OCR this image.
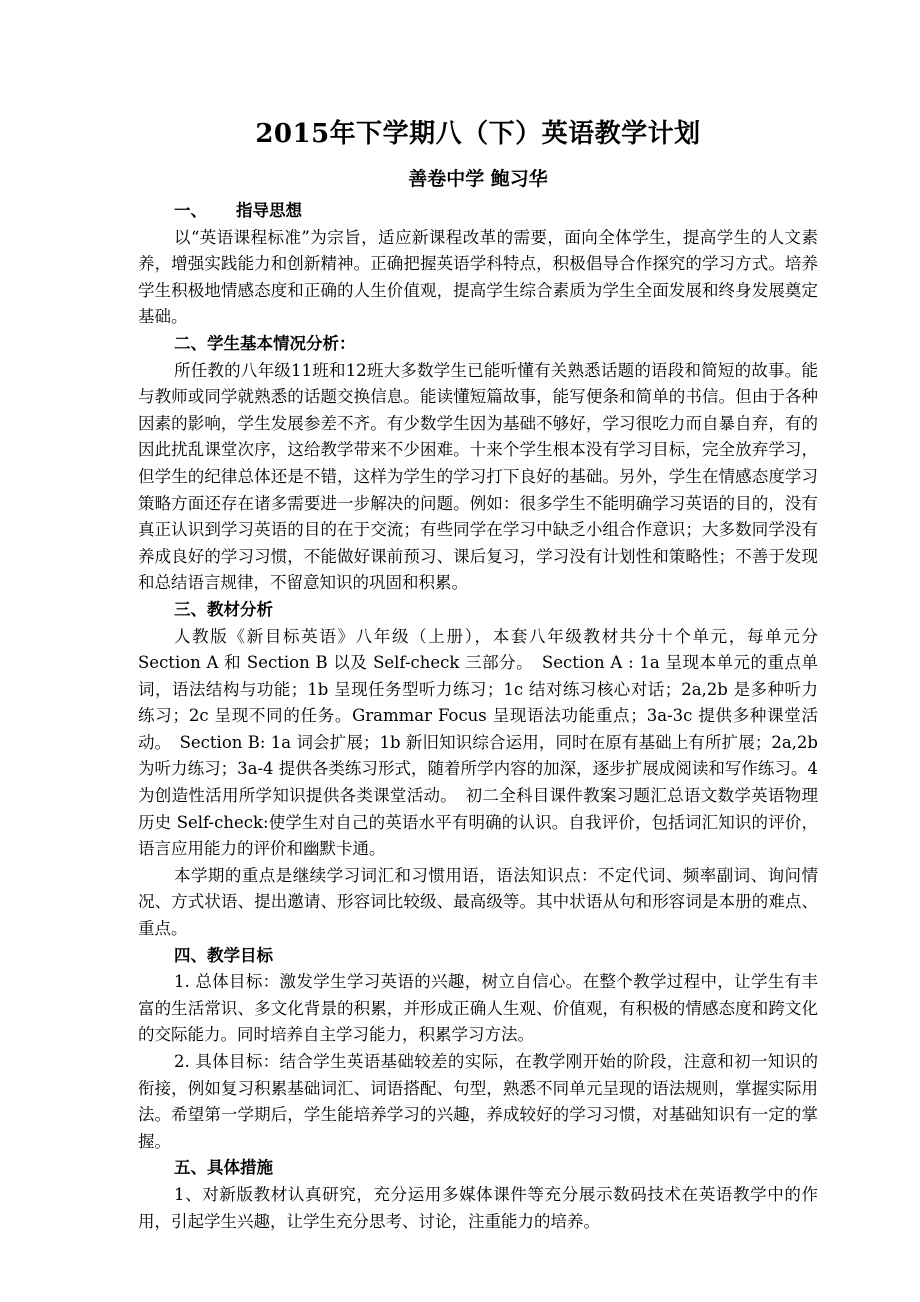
2015年下学期八（下）英语教学计划
善卷中学 鲍习华
一、 指导思想

以“英语课程标准”为宗旨，适应新课程改革的需要，面向全体学生，提高学生的人文素养，增强实践能力和创新精神。正确把握英语学科特点，积极倡导合作探究的学习方式。培养学生积极地情感态度和正确的人生价值观，提高学生综合素质为学生全面发展和终身发展奠定基础。

二、学生基本情况分析：

所任教的八年级11班和12班大多数学生已能听懂有关熟悉话题的语段和简短的故事。能与教师或同学就熟悉的话题交换信息。能读懂短篇故事，能写便条和简单的书信。但由于各种因素的影响，学生发展参差不齐。有少数学生因为基础不够好，学习很吃力而自暴自弃，有的因此扰乱课堂次序，这给教学带来不少困难。十来个学生根本没有学习目标，完全放弃学习，但学生的纪律总体还是不错，这样为学生的学习打下良好的基础。另外，学生在情感态度学习策略方面还存在诸多需要进一步解决的问题。例如：很多学生不能明确学习英语的目的，没有真正认识到学习英语的目的在于交流；有些同学在学习中缺乏小组合作意识；大多数同学没有养成良好的学习习惯，不能做好课前预习、课后复习，学习没有计划性和策略性；不善于发现和总结语言规律，不留意知识的巩固和积累。

三、教材分析

人教版《新目标英语》八年级（上册），本套八年级教材共分十个单元，每单元分 Section A 和 Section B 以及 Self-check 三部分。　Section A : 1a 呈现本单元的重点单词，语法结构与功能；1b 呈现任务型听力练习；1c 结对练习核心对话；2a,2b 是多种听力练习；2c 呈现不同的任务。Grammar Focus 呈现语法功能重点；3a-3c 提供多种课堂活动。　Section B: 1a 词会扩展；1b 新旧知识综合运用，同时在原有基础上有所扩展；2a,2b 为听力练习；3a-4 提供各类练习形式，随着所学内容的加深，逐步扩展成阅读和写作练习。4 为创造性活用所学知识提供各类课堂活动。　初二全科目课件教案习题汇总语文数学英语物理历史 Self-check:使学生对自己的英语水平有明确的认识。自我评价，包括词汇知识的评价，语言应用能力的评价和幽默卡通。

本学期的重点是继续学习词汇和习惯用语，语法知识点：不定代词、频率副词、询问情况、方式状语、提出邀请、形容词比较级、最高级等。其中状语从句和形容词是本册的难点、重点。

四、教学目标

1. 总体目标：激发学生学习英语的兴趣，树立自信心。在整个教学过程中，让学生有丰富的生活常识、多文化背景的积累，并形成正确人生观、价值观，有积极的情感态度和跨文化的交际能力。同时培养自主学习能力，积累学习方法。

2. 具体目标：结合学生英语基础较差的实际，在教学刚开始的阶段，注意和初一知识的衔接，例如复习积累基础词汇、词语搭配、句型，熟悉不同单元呈现的语法规则，掌握实际用法。希望第一学期后，学生能培养学习的兴趣，养成较好的学习习惯，对基础知识有一定的掌握。

五、具体措施

1、对新版教材认真研究，充分运用多媒体课件等充分展示数码技术在英语教学中的作用，引起学生兴趣，让学生充分思考、讨论，注重能力的培养。
